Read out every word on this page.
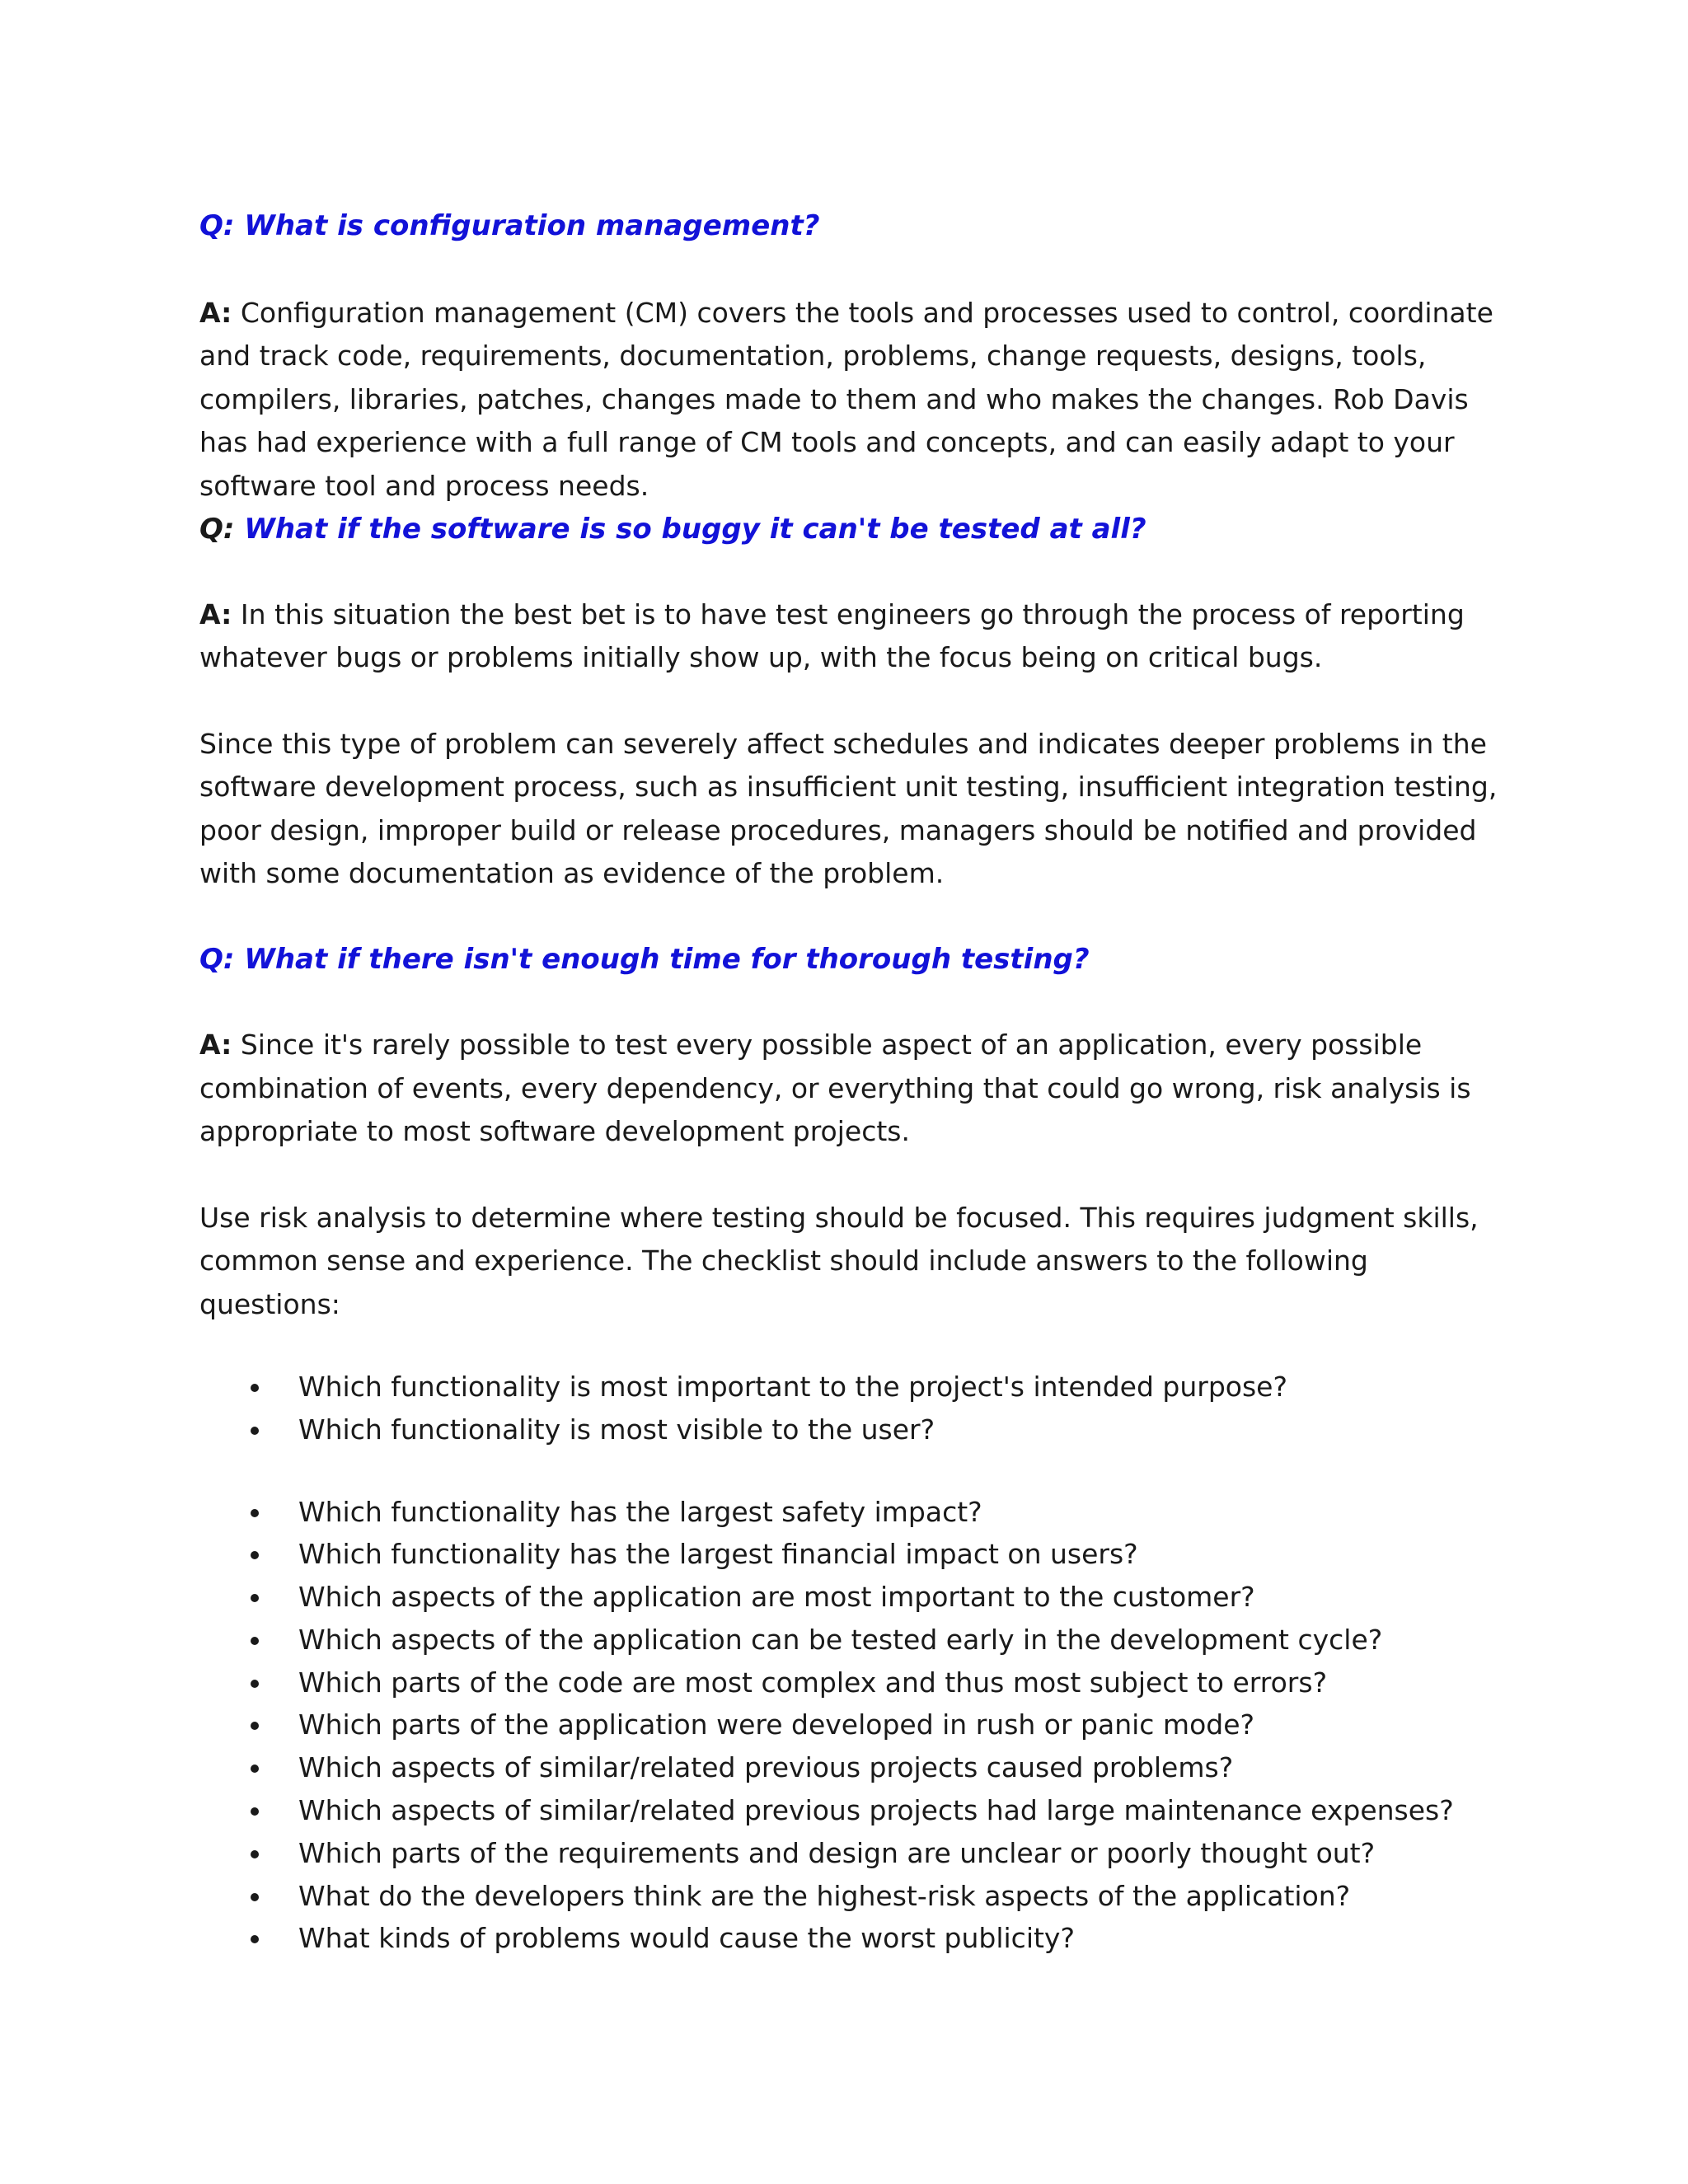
Q: What is configuration management?

A: Configuration management (CM) covers the tools and processes used to control, coordinate and track code, requirements, documentation, problems, change requests, designs, tools, compilers, libraries, patches, changes made to them and who makes the changes. Rob Davis has had experience with a full range of CM tools and concepts, and can easily adapt to your software tool and process needs.

Q: What if the software is so buggy it can't be tested at all?

A: In this situation the best bet is to have test engineers go through the process of reporting whatever bugs or problems initially show up, with the focus being on critical bugs.

Since this type of problem can severely affect schedules and indicates deeper problems in the software development process, such as insufficient unit testing, insufficient integration testing, poor design, improper build or release procedures, managers should be notified and provided with some documentation as evidence of the problem.

Q: What if there isn't enough time for thorough testing?

A: Since it's rarely possible to test every possible aspect of an application, every possible combination of events, every dependency, or everything that could go wrong, risk analysis is appropriate to most software development projects.

Use risk analysis to determine where testing should be focused. This requires judgment skills, common sense and experience. The checklist should include answers to the following questions:

Which functionality is most important to the project's intended purpose?
Which functionality is most visible to the user?
Which functionality has the largest safety impact?
Which functionality has the largest financial impact on users?
Which aspects of the application are most important to the customer?
Which aspects of the application can be tested early in the development cycle?
Which parts of the code are most complex and thus most subject to errors?
Which parts of the application were developed in rush or panic mode?
Which aspects of similar/related previous projects caused problems?
Which aspects of similar/related previous projects had large maintenance expenses?
Which parts of the requirements and design are unclear or poorly thought out?
What do the developers think are the highest-risk aspects of the application?
What kinds of problems would cause the worst publicity?
